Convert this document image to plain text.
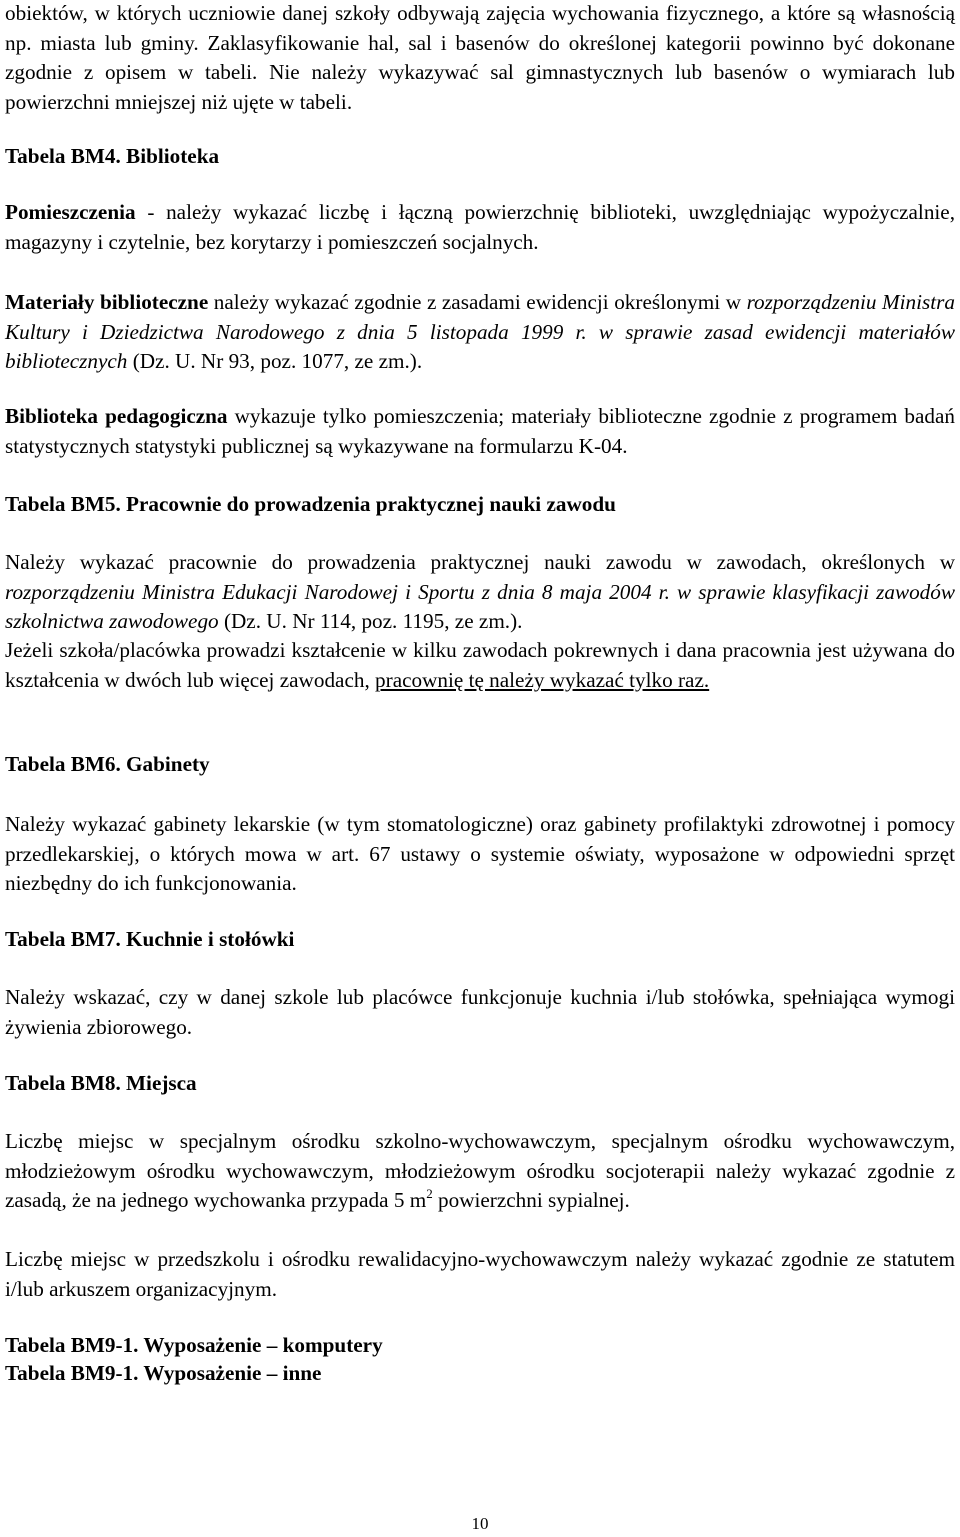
obiektów, w których uczniowie danej szkoły odbywają zajęcia wychowania fizycznego, a które są własnością np. miasta lub gminy. Zaklasyfikowanie hal, sal i basenów do określonej kategorii powinno być dokonane zgodnie z opisem w tabeli. Nie należy wykazywać sal gimnastycznych lub basenów o wymiarach lub powierzchni mniejszej niż ujęte w tabeli.

Tabela BM4. Biblioteka

Pomieszczenia - należy wykazać liczbę i łączną powierzchnię biblioteki, uwzględniając wypożyczalnie, magazyny i czytelnie, bez korytarzy i pomieszczeń socjalnych.

Materiały biblioteczne należy wykazać zgodnie z zasadami ewidencji określonymi w rozporządzeniu Ministra Kultury i Dziedzictwa Narodowego z dnia 5 listopada 1999 r. w sprawie zasad ewidencji materiałów bibliotecznych (Dz. U. Nr 93, poz. 1077, ze zm.).

Biblioteka pedagogiczna wykazuje tylko pomieszczenia; materiały biblioteczne zgodnie z programem badań statystycznych statystyki publicznej są wykazywane na formularzu K-04.

Tabela BM5. Pracownie do prowadzenia praktycznej nauki zawodu

Należy wykazać pracownie do prowadzenia praktycznej nauki zawodu w zawodach, określonych w rozporządzeniu Ministra Edukacji Narodowej i Sportu z dnia 8 maja 2004 r. w sprawie klasyfikacji zawodów szkolnictwa zawodowego (Dz. U. Nr 114, poz. 1195, ze zm.).

Jeżeli szkoła/placówka prowadzi kształcenie w kilku zawodach pokrewnych i dana pracownia jest używana do kształcenia w dwóch lub więcej zawodach, pracownię tę należy wykazać tylko raz.

Tabela BM6. Gabinety

Należy wykazać gabinety lekarskie (w tym stomatologiczne) oraz gabinety profilaktyki zdrowotnej i pomocy przedlekarskiej, o których mowa w art. 67 ustawy o systemie oświaty, wyposażone w odpowiedni sprzęt niezbędny do ich funkcjonowania.

Tabela BM7. Kuchnie i stołówki

Należy wskazać, czy w danej szkole lub placówce funkcjonuje kuchnia i/lub stołówka, spełniająca wymogi żywienia zbiorowego.

Tabela BM8. Miejsca

Liczbę miejsc w specjalnym ośrodku szkolno-wychowawczym, specjalnym ośrodku wychowawczym, młodzieżowym ośrodku wychowawczym, młodzieżowym ośrodku socjoterapii należy wykazać zgodnie z zasadą, że na jednego wychowanka przypada 5 $m^2$ powierzchni sypialnej.

Liczbę miejsc w przedszkolu i ośrodku rewalidacyjno-wychowawczym należy wykazać zgodnie ze statutem i/lub arkuszem organizacyjnym.

Tabela BM9-1. Wyposażenie – komputery

Tabela BM9-1. Wyposażenie – inne

10
